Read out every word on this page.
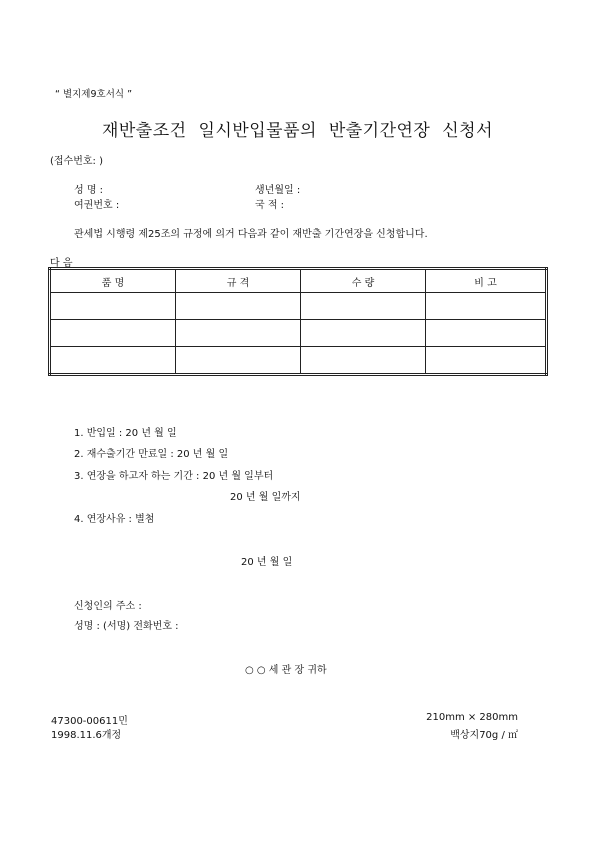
“ 별지제9호서식 ”
재반출조건 일시반입물품의 반출기간연장 신청서
(접수번호: )
성 명 :	생년월일 :
여권번호 :	국 적 :
관세법 시행령 제25조의 규정에 의거 다음과 같이 재반출 기간연장을 신청합니다.
다 음
품 명	규 격	수 량	비 고

1. 반입일 : 20 년 월 일
2. 재수출기간 만료일 : 20 년 월 일
3. 연장을 하고자 하는 기간 : 20 년 월 일부터
20 년 월 일까지
4. 연장사유 : 별첨
20 년 월 일
신청인의 주소 :
성명 : (서명) 전화번호 :
○ ○ 세 관 장 귀하
47300-00611민
1998.11.6개정
210mm × 280mm
백상지70g / ㎡
